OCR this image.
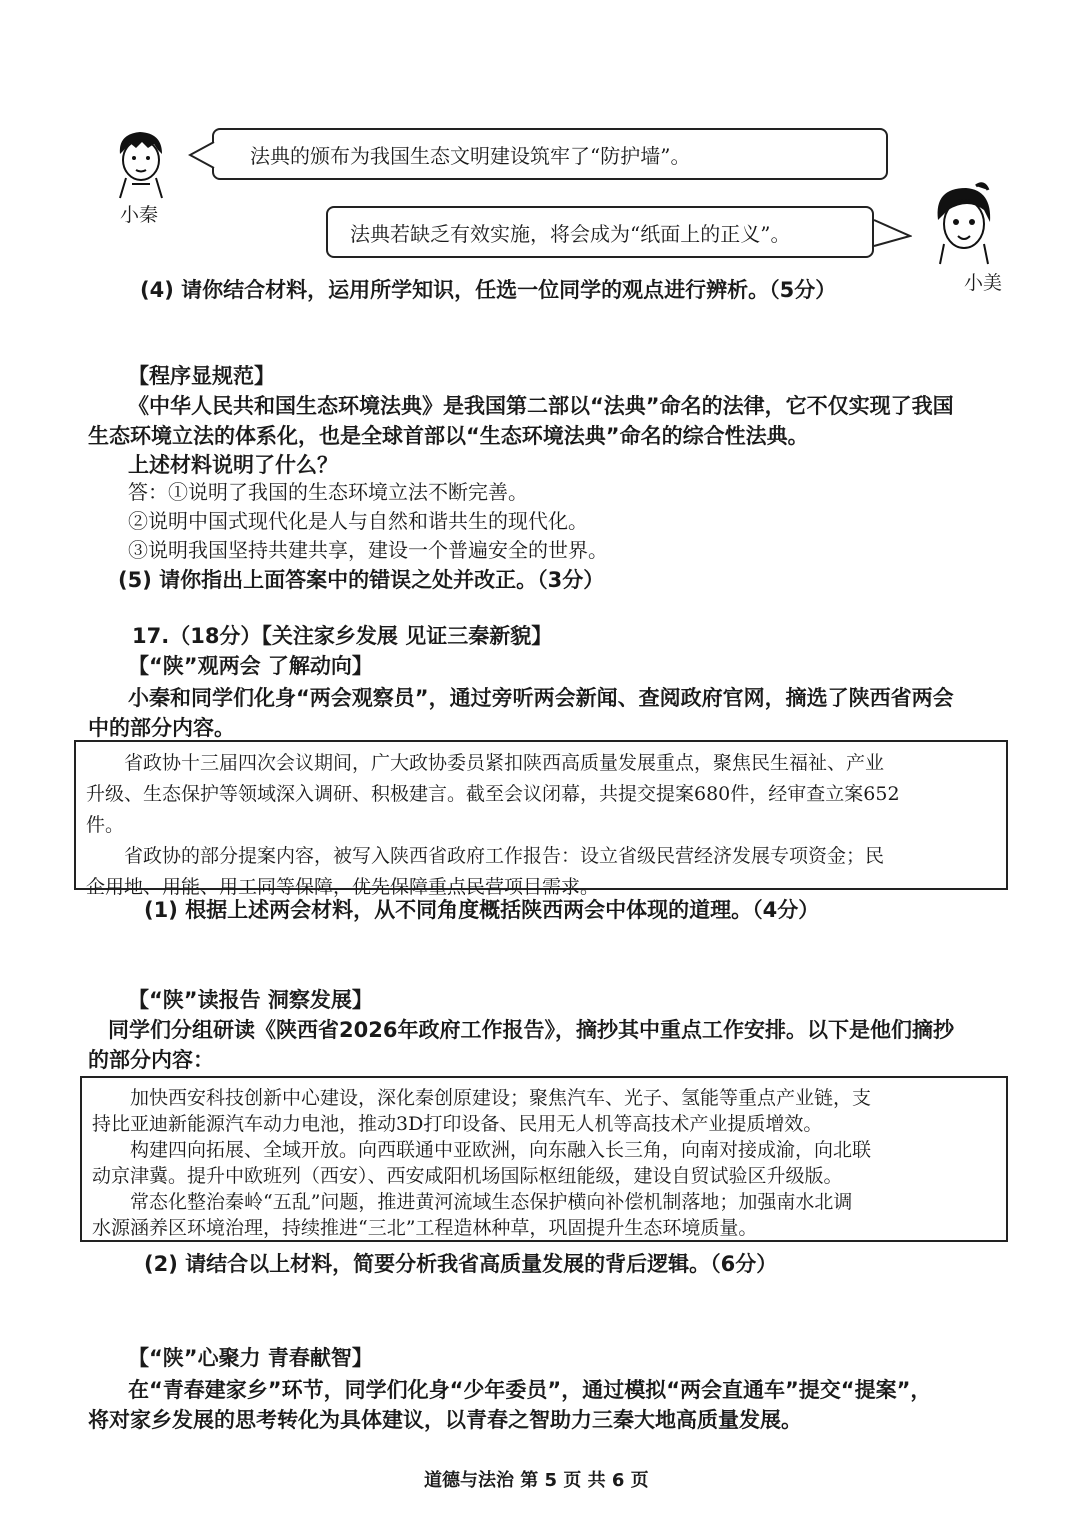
小秦
法典的颁布为我国生态文明建设筑牢了“防护墙”。
小美
法典若缺乏有效实施，将会成为“纸面上的正义”。
(4) 请你结合材料，运用所学知识，任选一位同学的观点进行辨析。（5分）
【程序显规范】
《中华人民共和国生态环境法典》是我国第二部以“法典”命名的法律，它不仅实现了我国
生态环境立法的体系化，也是全球首部以“生态环境法典”命名的综合性法典。
上述材料说明了什么？
答：①说明了我国的生态环境立法不断完善。
②说明中国式现代化是人与自然和谐共生的现代化。
③说明我国坚持共建共享，建设一个普遍安全的世界。
(5) 请你指出上面答案中的错误之处并改正。（3分）
17.（18分）【关注家乡发展 见证三秦新貌】
【“陕”观两会 了解动向】
小秦和同学们化身“两会观察员”，通过旁听两会新闻、查阅政府官网，摘选了陕西省两会
中的部分内容。

省政协十三届四次会议期间，广大政协委员紧扣陕西高质量发展重点，聚焦民生福祉、产业

升级、生态保护等领域深入调研、积极建言。截至会议闭幕，共提交提案680件，经审查立案652

件。

省政协的部分提案内容，被写入陕西省政府工作报告：设立省级民营经济发展专项资金；民

企用地、用能、用工同等保障，优先保障重点民营项目需求。

(1) 根据上述两会材料，从不同角度概括陕西两会中体现的道理。（4分）
【“陕”读报告 洞察发展】
同学们分组研读《陕西省2026年政府工作报告》，摘抄其中重点工作安排。以下是他们摘抄
的部分内容：

加快西安科技创新中心建设，深化秦创原建设；聚焦汽车、光子、氢能等重点产业链，支

持比亚迪新能源汽车动力电池，推动3D打印设备、民用无人机等高技术产业提质增效。

构建四向拓展、全域开放。向西联通中亚欧洲，向东融入长三角，向南对接成渝，向北联

动京津冀。提升中欧班列（西安）、西安咸阳机场国际枢纽能级，建设自贸试验区升级版。

常态化整治秦岭“五乱”问题，推进黄河流域生态保护横向补偿机制落地；加强南水北调

水源涵养区环境治理，持续推进“三北”工程造林种草，巩固提升生态环境质量。

(2) 请结合以上材料，简要分析我省高质量发展的背后逻辑。（6分）
【“陕”心聚力 青春献智】
在“青春建家乡”环节，同学们化身“少年委员”，通过模拟“两会直通车”提交“提案”，
将对家乡发展的思考转化为具体建议，以青春之智助力三秦大地高质量发展。
道德与法治 第 5 页 共 6 页
